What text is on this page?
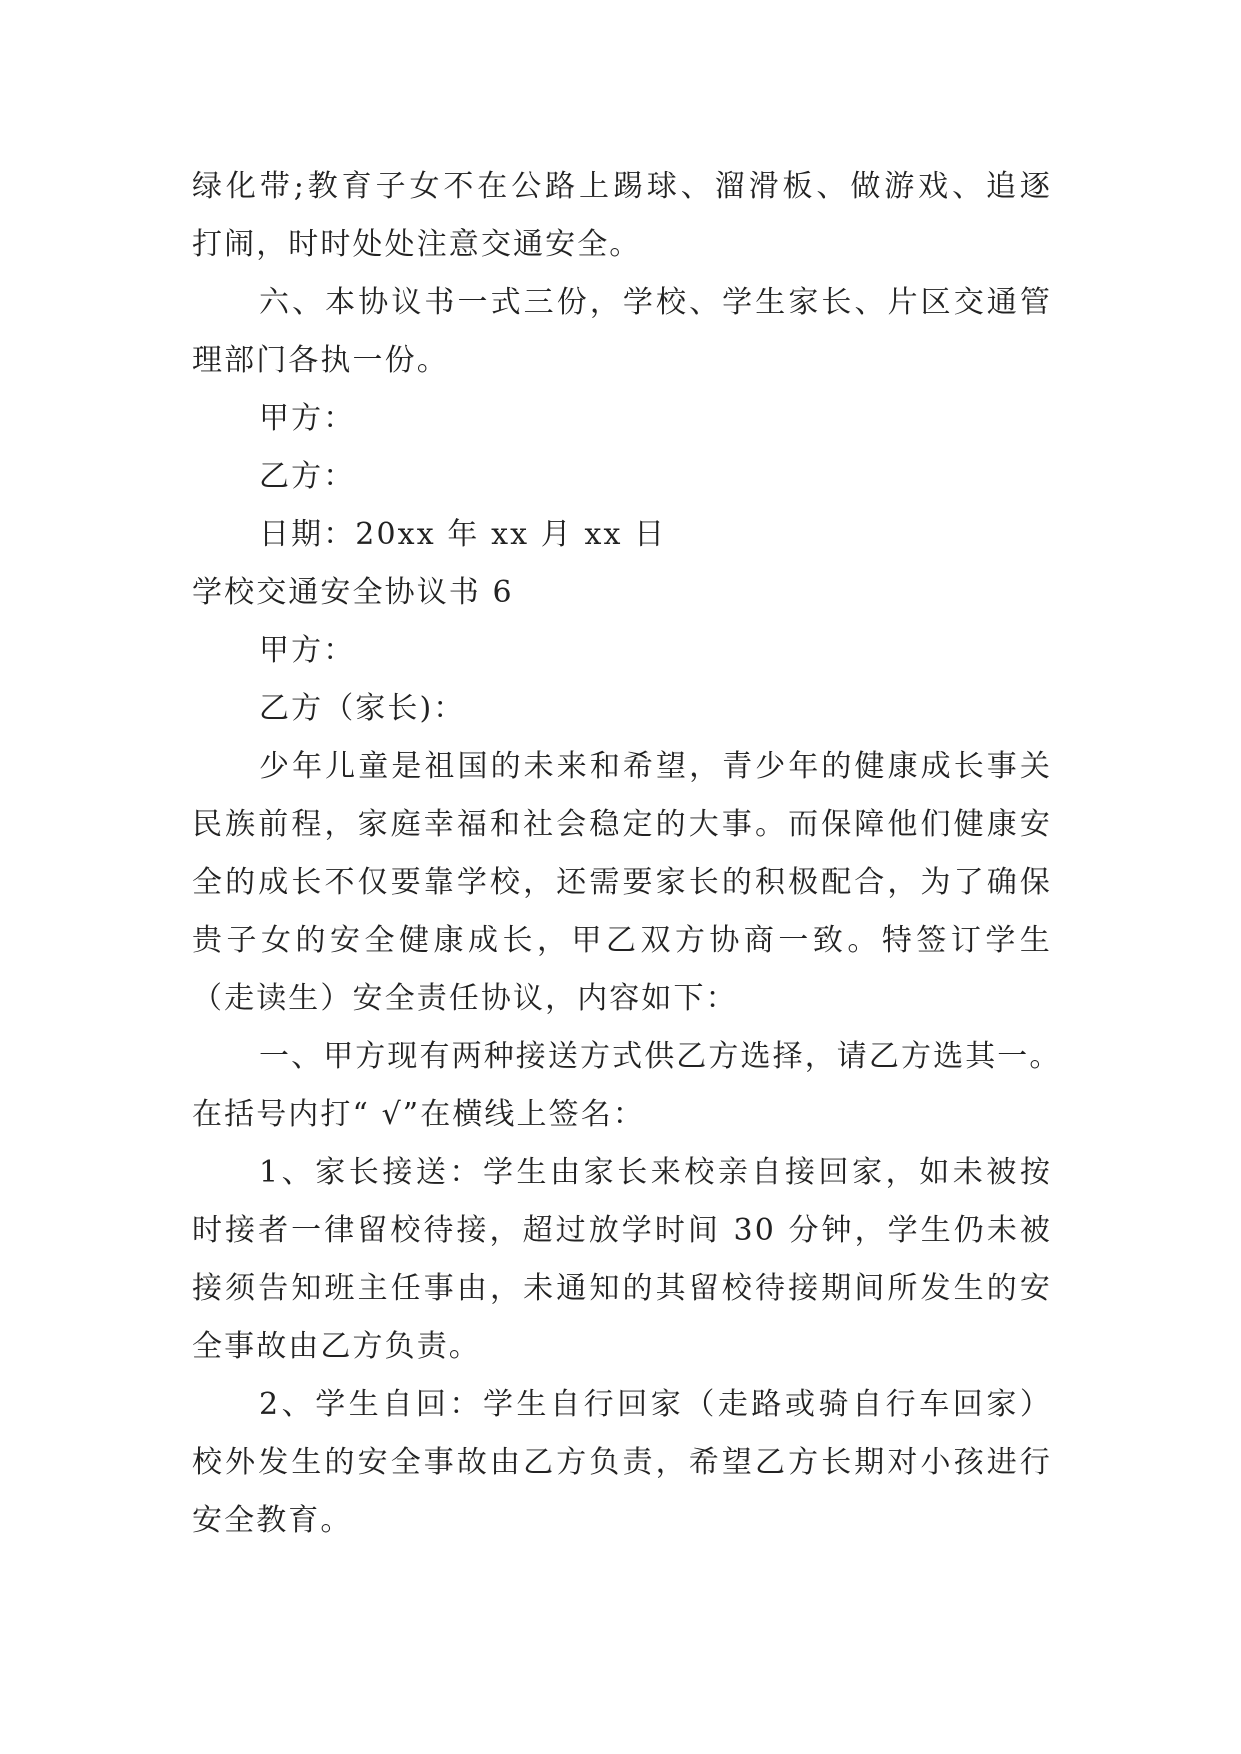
绿化带;教育子女不在公路上踢球、溜滑板、做游戏、追逐
打闹，时时处处注意交通安全。
六、本协议书一式三份，学校、学生家长、片区交通管
理部门各执一份。
甲方：
乙方：
日期：20xx 年 xx 月 xx 日
学校交通安全协议书 6
甲方：
乙方（家长)：
少年儿童是祖国的未来和希望，青少年的健康成长事关
民族前程，家庭幸福和社会稳定的大事。而保障他们健康安
全的成长不仅要靠学校，还需要家长的积极配合，为了确保
贵子女的安全健康成长，甲乙双方协商一致。特签订学生
（走读生）安全责任协议，内容如下：
一、甲方现有两种接送方式供乙方选择，请乙方选其一。
在括号内打“ √”在横线上签名：
1、家长接送：学生由家长来校亲自接回家，如未被按
时接者一律留校待接，超过放学时间 30 分钟，学生仍未被
接须告知班主任事由，未通知的其留校待接期间所发生的安
全事故由乙方负责。
2、学生自回：学生自行回家（走路或骑自行车回家）
校外发生的安全事故由乙方负责，希望乙方长期对小孩进行
安全教育。
